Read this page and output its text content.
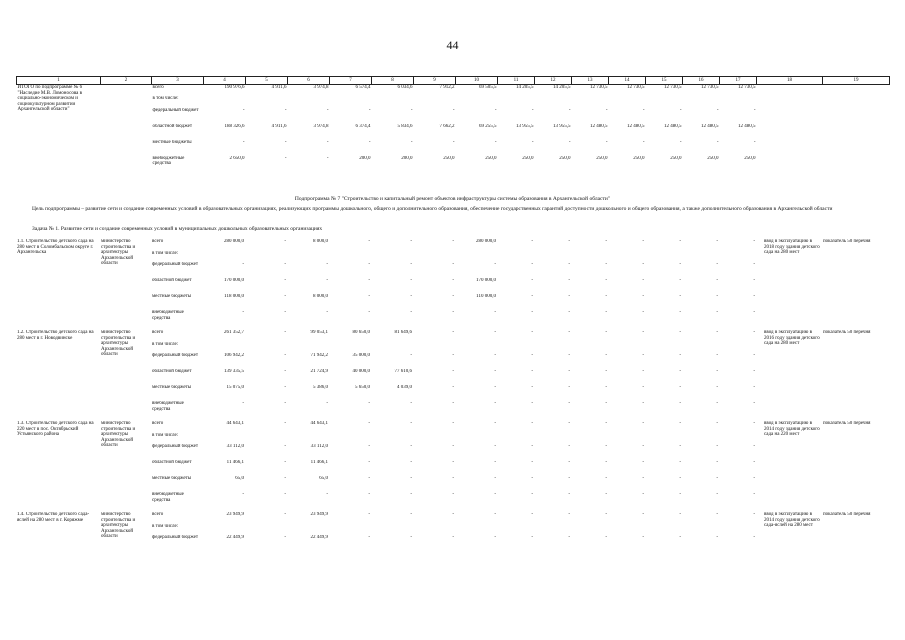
44
1	2	3	4	5	6	7	8	9	10	11	12	13	14	15	16	17	18	19
ИТОГО по подпрограмме № 6 "Наследие М.В. Ломоносова в социально-экономическом и социокультурном развитии Архангельской области"		всего	190 976,6	4 911,6	3 974,8	6 574,4	6 034,6	7 912,2	69 505,5	14 205,5	14 205,5	12 730,5	12 730,5	12 730,5	12 730,5	12 730,5		
		в том числе:																
		федеральный бюджет	-	-	-	-	-	-	-	-	-	-	-	-	-	-		
		областной бюджет	188 326,6	4 911,6	3 974,8	6 374,4	5 834,6	7 662,2	69 255,5	13 955,5	13 955,5	12 480,5	12 480,5	12 480,5	12 480,5	12 480,5		
		местные бюджеты	-	-	-	-	-	-	-	-	-	-	-	-	-	-		
		внебюджетные средства	2 650,0	-	-	200,0	200,0	250,0	250,0	250,0	250,0	250,0	250,0	250,0	250,0	250,0		
Подпрограмма № 7 "Строительство и капитальный ремонт объектов инфраструктуры системы образования в Архангельской области"
Цель подпрограммы – развитие сети и создание современных условий в образовательных организациях, реализующих программы дошкольного, общего и дополнительного образования, обеспечение государственных гарантий доступности дошкольного и общего образования, а также дополнительного образования в Архангельской области
Задача № 1. Развитие сети и создание современных условий в муниципальных дошкольных образовательных организациях
1.1. Строительство детского сада на 280 мест в Соломбальском округе г. Архангельска	министерство строительства и архитектуры Архангельской области	всего	280 000,0	-	8 000,0	-	-	-	280 000,0	-	-	-	-	-	-	-	ввод в эксплуатацию в 2018 году здания детского сада на 280 мест	показатель 50 перечня
		в том числе:																
		федеральный бюджет	-	-	-	-	-	-	-	-	-	-	-	-	-	-		
		областной бюджет	170 000,0	-	-	-	-	-	170 000,0	-	-	-	-	-	-	-		
		местные бюджеты	118 000,0	-	8 000,0	-	-	-	110 000,0	-	-	-	-	-	-	-		
		внебюджетные средства	-	-	-	-	-	-	-	-	-	-	-	-	-	-		

1.2. Строительство детского сада на 280 мест в г. Новодвинске	министерство строительства и архитектуры Архангельской области	всего	261 352,7	-	99 053,1	80 650,0	81 649,6	-	-	-	-	-	-	-	-	-	ввод в эксплуатацию в 2016 году здания детского сада на 280 мест	показатель 50 перечня
		в том числе:																
		федеральный бюджет	106 942,2	-	71 942,2	35 000,0	-	-	-	-	-	-	-	-	-	-		
		областной бюджет	139 335,5	-	21 724,9	40 000,0	77 610,6	-	-	-	-	-	-	-	-	-		
		местные бюджеты	15 075,0	-	5 386,0	5 650,0	4 039,0	-	-	-	-	-	-	-	-	-		
		внебюджетные средства	-	-	-	-	-	-	-	-	-	-	-	-	-	-		

1.3. Строительство детского сада на 220 мест в пос. Октябрьский Устьянского района	министерство строительства и архитектуры Архангельской области	всего	44 643,1	-	44 643,1	-	-	-	-	-	-	-	-	-	-	-	ввод в эксплуатацию в 2014 году здания детского сада на 220 мест	показатель 50 перечня
		в том числе:																
		федеральный бюджет	33 112,0	-	33 112,0	-	-	-	-	-	-	-	-	-	-	-		
		областной бюджет	11 466,1	-	11 466,1	-	-	-	-	-	-	-	-	-	-	-		
		местные бюджеты	65,0	-	65,0	-	-	-	-	-	-	-	-	-	-	-		
		внебюджетные средства	-	-	-	-	-	-	-	-	-	-	-	-	-	-		

1.4. Строительство детского сада-яслей на 280 мест в г. Коряжме	министерство строительства и архитектуры Архангельской области	всего	23 949,9	-	23 949,9	-	-	-	-	-	-	-	-	-	-	-	ввод в эксплуатацию в 2014 году здания детского сада-яслей на 280 мест	показатель 50 перечня
		в том числе:																
		федеральный бюджет	22 449,9	-	22 449,9	-	-	-	-	-	-	-	-	-	-	-		
